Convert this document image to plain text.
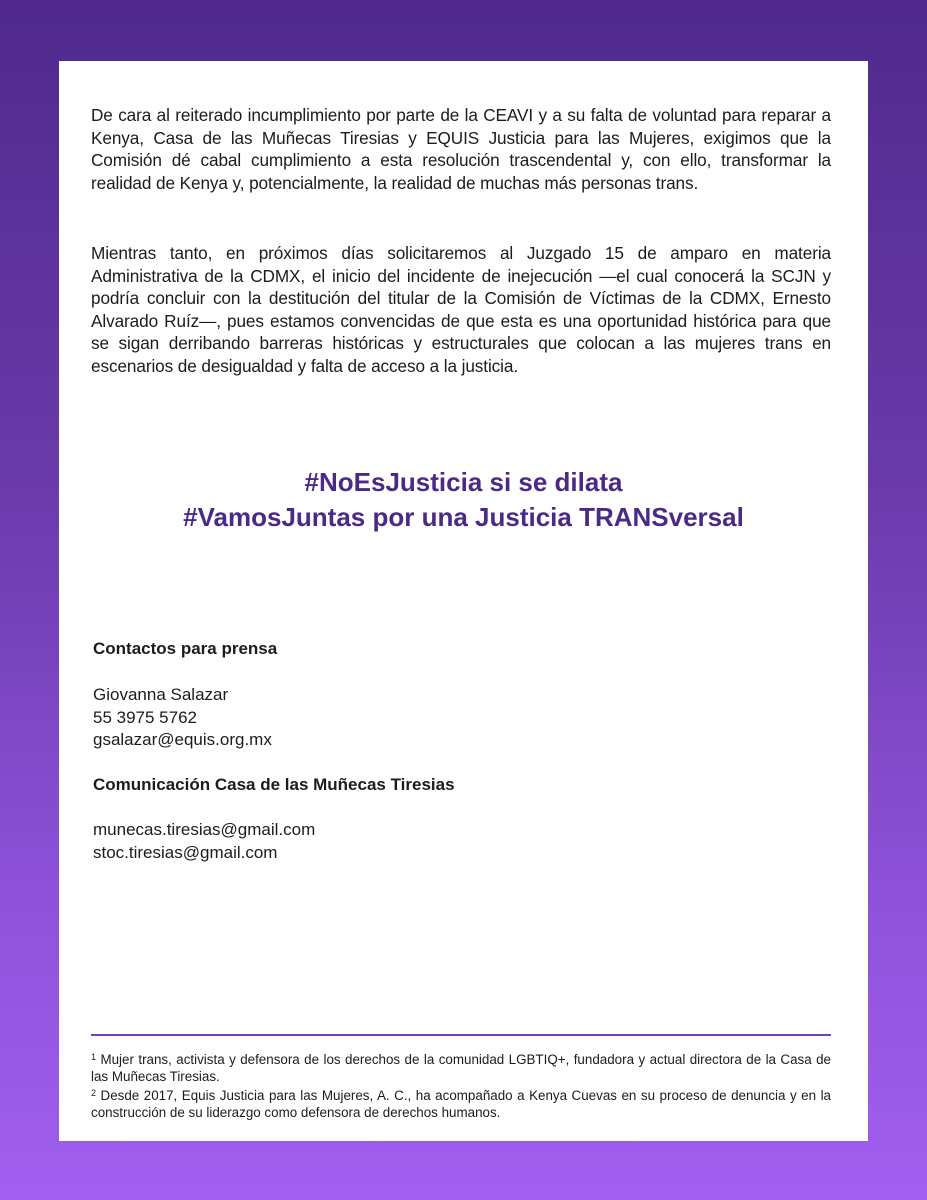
De cara al reiterado incumplimiento por parte de la CEAVI y a su falta de voluntad para reparar a Kenya, Casa de las Muñecas Tiresias y EQUIS Justicia para las Mujeres, exigimos que la Comisión dé cabal cumplimiento a esta resolución trascendental y, con ello, transformar la realidad de Kenya y, potencialmente, la realidad de muchas más personas trans.

Mientras tanto, en próximos días solicitaremos al Juzgado 15 de amparo en materia Administrativa de la CDMX, el inicio del incidente de inejecución —el cual conocerá la SCJN y podría concluir con la destitución del titular de la Comisión de Víctimas de la CDMX, Ernesto Alvarado Ruíz—, pues estamos convencidas de que esta es una oportunidad histórica para que se sigan derribando barreras históricas y estructurales que colocan a las mujeres trans en escenarios de desigualdad y falta de acceso a la justicia.

#NoEsJusticia si se dilata
#VamosJuntas por una Justicia TRANSversal
Contactos para prensa
Giovanna Salazar
55 3975 5762
gsalazar@equis.org.mx
Comunicación Casa de las Muñecas Tiresias
munecas.tiresias@gmail.com
stoc.tiresias@gmail.com

$^1$ Mujer trans, activista y defensora de los derechos de la comunidad LGBTIQ+, fundadora y actual directora de la Casa de las Muñecas Tiresias.

$^2$ Desde 2017, Equis Justicia para las Mujeres, A. C., ha acompañado a Kenya Cuevas en su proceso de denuncia y en la construcción de su liderazgo como defensora de derechos humanos.
